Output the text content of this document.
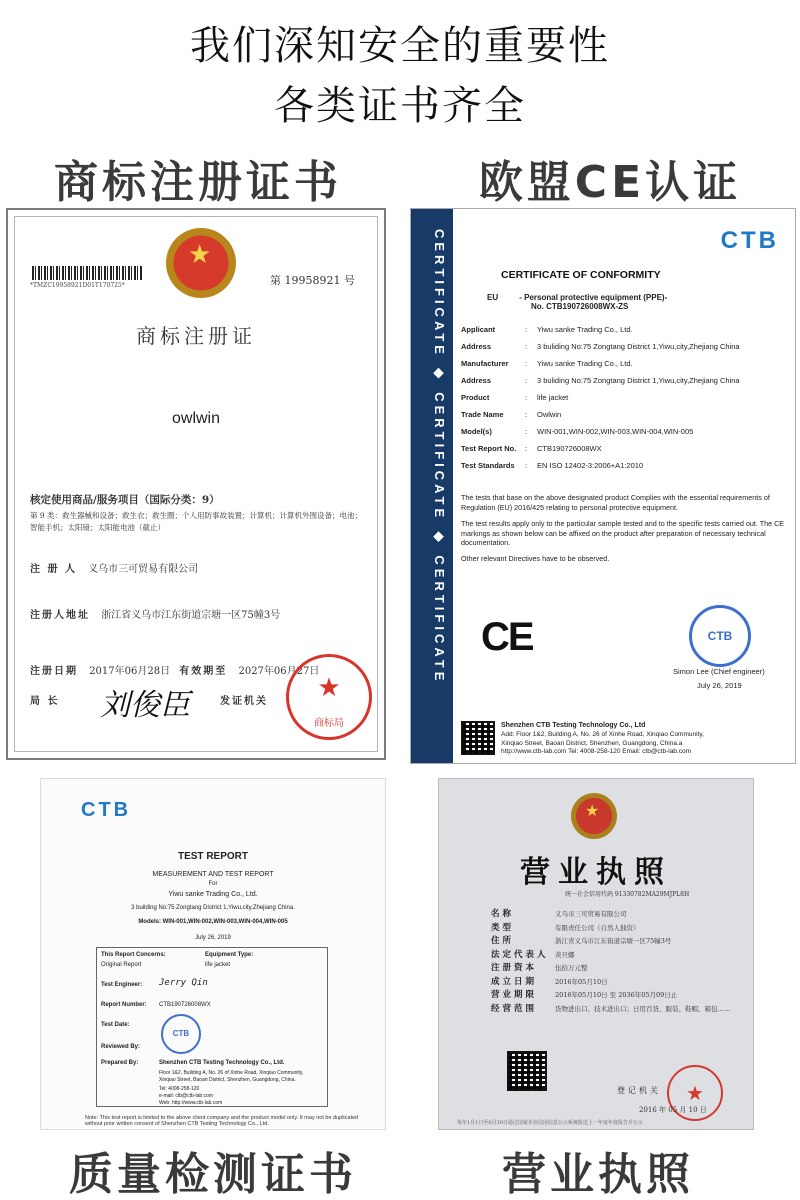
我们深知安全的重要性
各类证书齐全
商标注册证书	欧盟CE认证
质量检测证书	营业执照
★
*TMZC19958921D01T170725*	第 19958921 号
商标注册证
owlwin
核定使用商品/服务项目（国际分类：9）
第 9 类：救生器械和设备；救生衣；救生圈；个人用防事故装置；计算机；计算机外围设备；电池；
智能手机；太阳镜；太阳能电池（截止）
注 册 人 义乌市三可贸易有限公司
注册人地址 浙江省义乌市江东街道宗塘一区75幢3号
注册日期 2017年06月28日 有效期至 2027年06月27日
局 长 刘俊臣	发证机关	★
商标局
CERTIFICATE ◆ CERTIFICATE ◆ CERTIFICATE	CTB
CERTIFICATE OF CONFORMITY
EU	- Personal protective equipment (PPE)-
No. CTB190726008WX-ZS
Applicant	: Yiwu sanke Trading Co., Ltd.
Address	: 3 buliding No:75 Zongtang District 1,Yiwu,city,Zhejiang China
Manufacturer : Yiwu sanke Trading Co., Ltd.
Address	: 3 buliding No:75 Zongtang District 1,Yiwu,city,Zhejiang China
Product	: life jacket
Trade Name	: Owlwin
Model(s)	: WIN-001,WIN-002,WIN-003,WIN-004,WIN-005
Test Report No. : CTB190726008WX
Test Standards : EN ISO 12402-3:2006+A1:2010
The tests that base on the above designated product Complies with the essential requirements of Regulation (EU) 2016/425 relating to personal protective equipment.
The test results apply only to the particular sample tested and to the specific tests carried out. The CE markings as shown below can be affixed on the product after preparation of necessary technical documentation.
Other relevant Directives have to be observed.
CE	CTB
Simon Lee (Chief engineer)
July 26, 2019
Shenzhen CTB Testing Technology Co., Ltd
Add: Floor 1&2, Building A, No. 26 of Xinhe Road, Xinqiao Community,
Xinqiao Street, Baoan District, Shenzhen, Guangdong, China.a
http://www.ctb-lab.com Tel: 4008-258-120 Email: ctb@ctb-lab.com
CTB
TEST REPORT
MEASUREMENT AND TEST REPORT
For
Yiwu sanke Trading Co., Ltd.
3 building No:75 Zongtang District 1,Yiwu,city,Zhejiang China.
Models: WIN-001,WIN-002,WIN-003,WIN-004,WIN-005
July 26, 2019
This Report Concerns:	Equipment Type:
Original Report	life jacket
Test Engineer: Jerry Qin
Report Number: CTB190726008WX
Test Date:
Reviewed By:
CTB
Prepared By:	Shenzhen CTB Testing Technology Co., Ltd.
Floor 1&2, Building A, No. 26 of Xinhe Road, Xinqiao Community,
Xinqiao Street, Baoan District, Shenzhen, Guangdong, China.
Tel: 4008-258-120
e-mail: ctb@ctb-lab.com
Web: http://www.ctb-lab.com
Note: This test report is limited to the above client company and the product model only. It may not be duplicated without prior written consent of Shenzhen CTB Testing Technology Co., Ltd.
★
营业执照
统一社会信用代码 91330782MA29MJPL8H
名称	义乌市三可贸易有限公司
类型	有限责任公司（自然人独资）
住所	浙江省义乌市江东街道宗塘一区75幢3号
法定代表人 黄旦娜
注册资本	伍拾万元整
成立日期	2016年05月10日
营业期限	2016年05月10日 至 2036年05月09日止
经营范围	货物进出口、技术进出口；日用百货、服装、鞋帽、箱包……
★
登记机关
2016 年 05 月 10 日
每年1月1日至6月30日通过国家企业信用信息公示系统报送上一年度年度报告并公示
